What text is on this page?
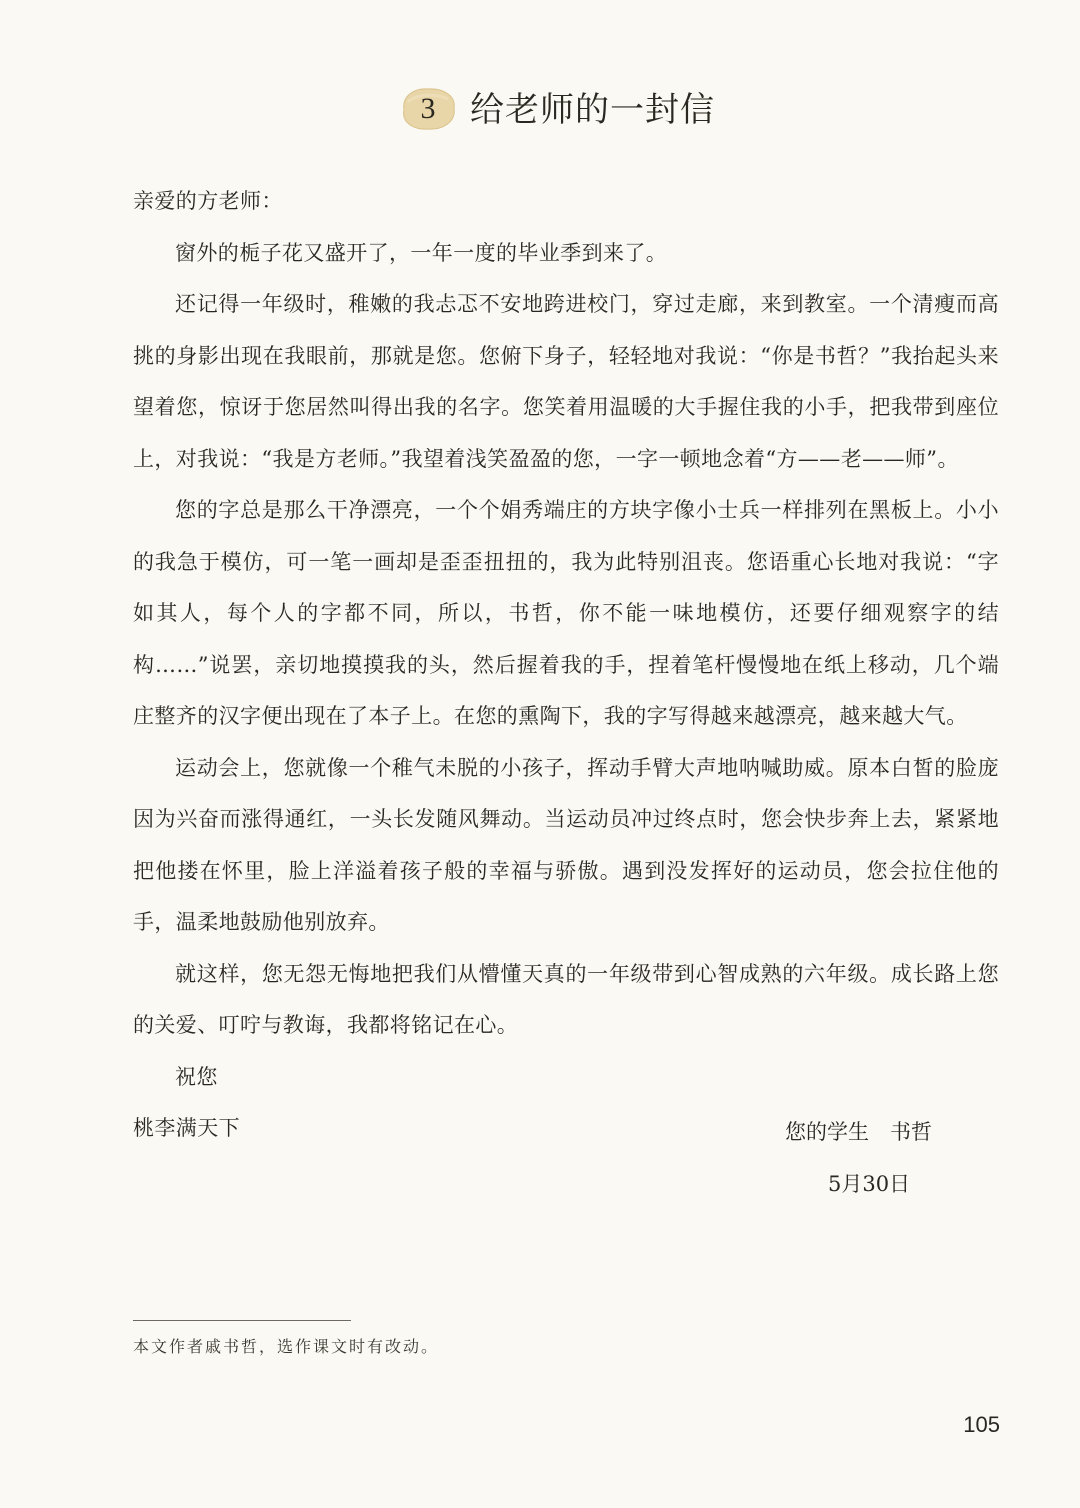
3	给老师的一封信

亲爱的方老师：

窗外的栀子花又盛开了，一年一度的毕业季到来了。

还记得一年级时，稚嫩的我忐忑不安地跨进校门，穿过走廊，来到教室。一个清瘦而高挑的身影出现在我眼前，那就是您。您俯下身子，轻轻地对我说：“你是书哲？”我抬起头来望着您，惊讶于您居然叫得出我的名字。您笑着用温暖的大手握住我的小手，把我带到座位上，对我说：“我是方老师。”我望着浅笑盈盈的您，一字一顿地念着“方——老——师”。

您的字总是那么干净漂亮，一个个娟秀端庄的方块字像小士兵一样排列在黑板上。小小的我急于模仿，可一笔一画却是歪歪扭扭的，我为此特别沮丧。您语重心长地对我说：“字如其人，每个人的字都不同，所以，书哲，你不能一味地模仿，还要仔细观察字的结构……”说罢，亲切地摸摸我的头，然后握着我的手，捏着笔杆慢慢地在纸上移动，几个端庄整齐的汉字便出现在了本子上。在您的熏陶下，我的字写得越来越漂亮，越来越大气。

运动会上，您就像一个稚气未脱的小孩子，挥动手臂大声地呐喊助威。原本白皙的脸庞因为兴奋而涨得通红，一头长发随风舞动。当运动员冲过终点时，您会快步奔上去，紧紧地把他搂在怀里，脸上洋溢着孩子般的幸福与骄傲。遇到没发挥好的运动员，您会拉住他的手，温柔地鼓励他别放弃。

就这样，您无怨无悔地把我们从懵懂天真的一年级带到心智成熟的六年级。成长路上您的关爱、叮咛与教诲，我都将铭记在心。

祝您

桃李满天下	您的学生　书哲
5月30日
本文作者戚书哲，选作课文时有改动。
105
